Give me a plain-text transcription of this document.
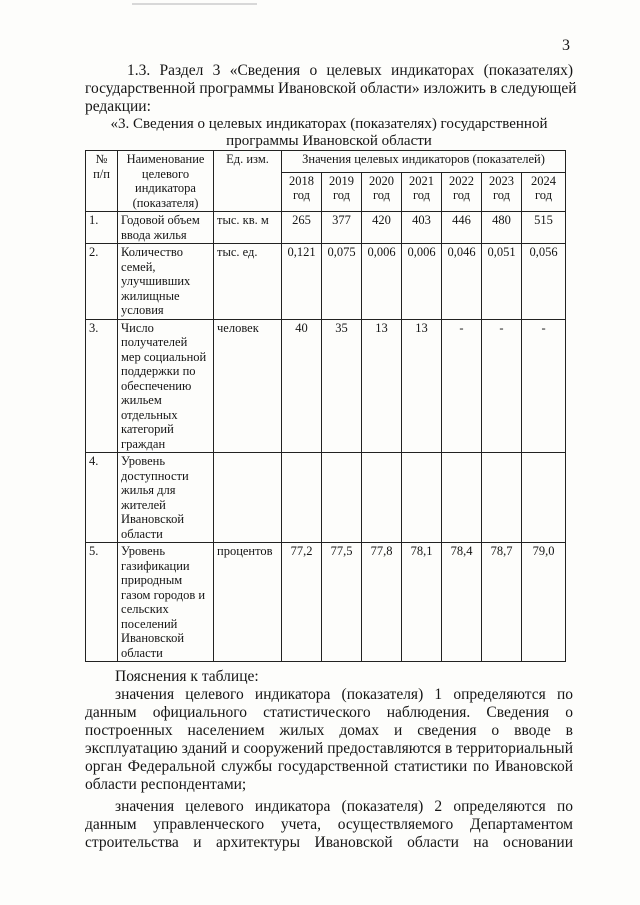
3
1.3. Раздел 3 «Сведения о целевых индикаторах (показателях)
государственной программы Ивановской области» изложить в следующей
редакции:
«3. Сведения о целевых индикаторах (показателях) государственной
программы Ивановской области
№ п/п	Наименование целевого индикатора (показателя)	Ед. изм.	Значения целевых индикаторов (показателей)						
			2018 год	2019 год	2020 год	2021 год	2022 год	2023 год	2024 год
1.	Годовой объем ввода жилья	тыс. кв. м	265	377	420	403	446	480	515
2.	Количество семей, улучшивших жилищные условия	тыс. ед.	0,121	0,075	0,006	0,006	0,046	0,051	0,056
3.	Число получателей мер социальной поддержки по обеспечению жильем отдельных категорий граждан	человек	40	35	13	13	-	-	-
4.	Уровень доступности жилья для жителей Ивановской области								
5.	Уровень газификации природным газом городов и сельских поселений Ивановской области	процентов	77,2	77,5	77,8	78,1	78,4	78,7	79,0
Пояснения к таблице:
значения целевого индикатора (показателя) 1 определяются по
данным официального статистического наблюдения. Сведения о
построенных населением жилых домах и сведения о вводе в
эксплуатацию зданий и сооружений предоставляются в территориальный
орган Федеральной службы государственной статистики по Ивановской
области респондентами;
значения целевого индикатора (показателя) 2 определяются по
данным управленческого учета, осуществляемого Департаментом
строительства и архитектуры Ивановской области на основании
